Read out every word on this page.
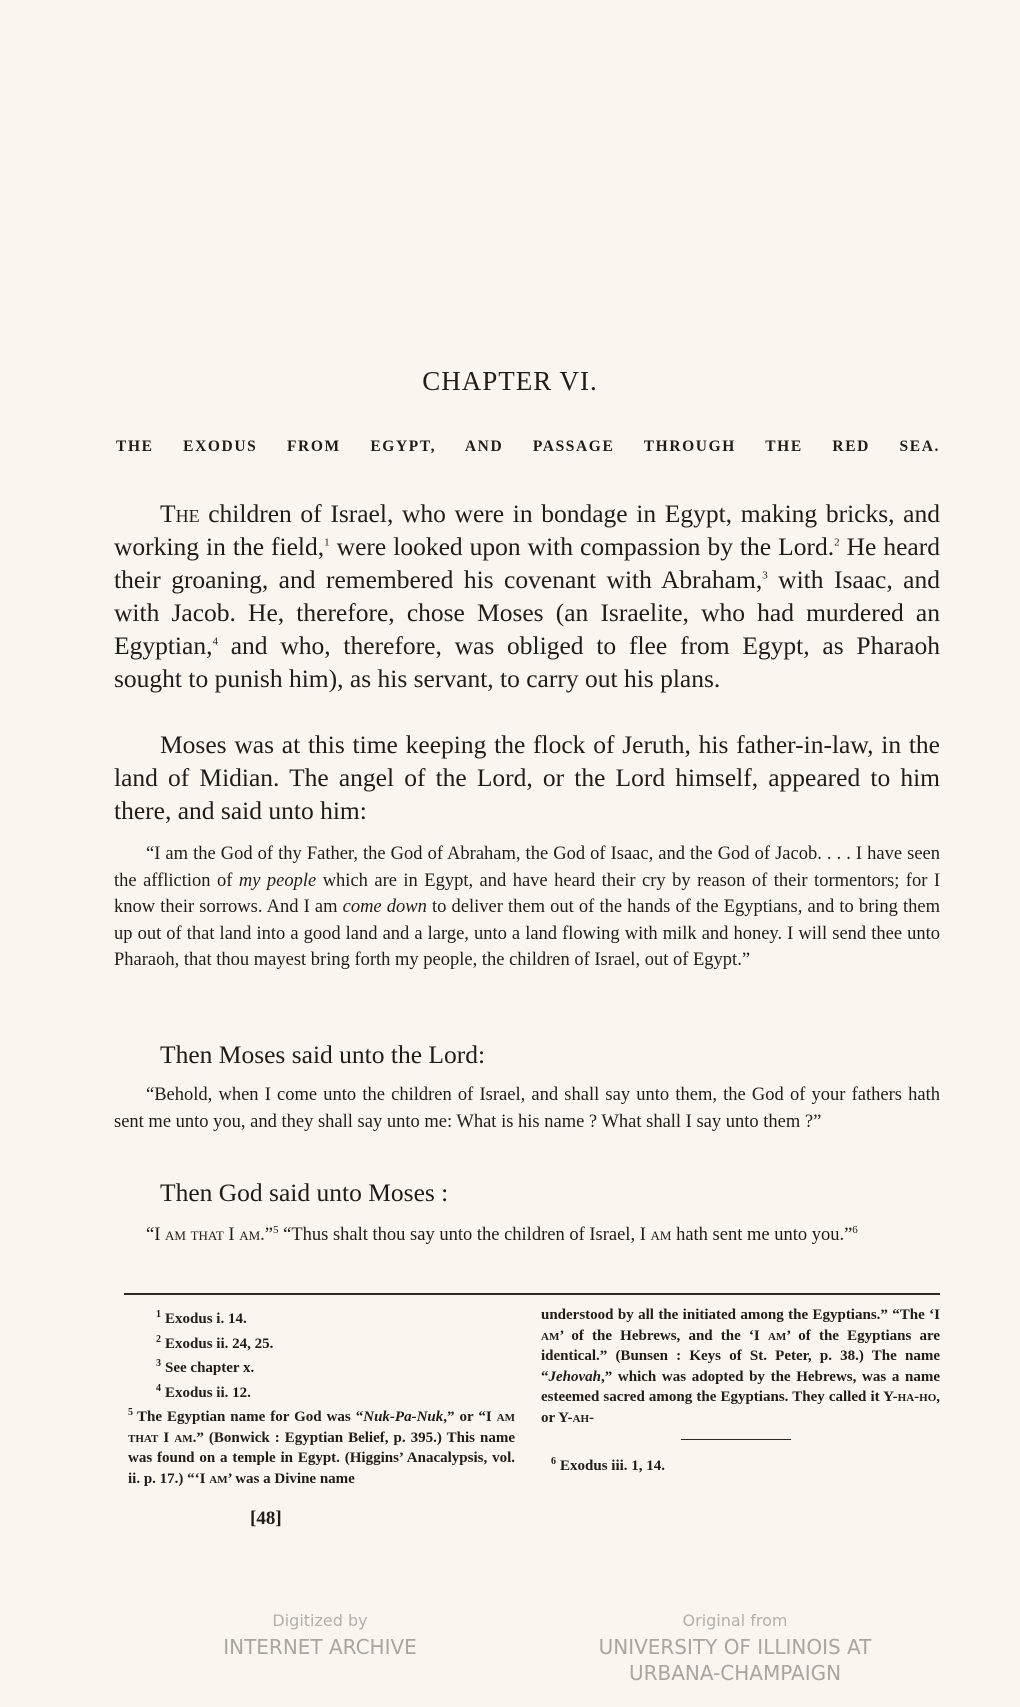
CHAPTER VI.
THE EXODUS FROM EGYPT, AND PASSAGE THROUGH THE RED SEA.

The children of Israel, who were in bondage in Egypt, making bricks, and working in the field,$^1$ were looked upon with compassion by the Lord.$^2$ He heard their groaning, and remembered his covenant with Abraham,$^3$ with Isaac, and with Jacob. He, therefore, chose Moses (an Israelite, who had murdered an Egyptian,$^4$ and who, therefore, was obliged to flee from Egypt, as Pharaoh sought to punish him), as his servant, to carry out his plans.

Moses was at this time keeping the flock of Jeruth, his father-in-law, in the land of Midian. The angel of the Lord, or the Lord himself, appeared to him there, and said unto him:

“I am the God of thy Father, the God of Abraham, the God of Isaac, and the God of Jacob. . . . I have seen the affliction of my people which are in Egypt, and have heard their cry by reason of their tormentors; for I know their sorrows. And I am come down to deliver them out of the hands of the Egyptians, and to bring them up out of that land into a good land and a large, unto a land flowing with milk and honey. I will send thee unto Pharaoh, that thou mayest bring forth my people, the children of Israel, out of Egypt.”

Then Moses said unto the Lord:

“Behold, when I come unto the children of Israel, and shall say unto them, the God of your fathers hath sent me unto you, and they shall say unto me: What is his name ? What shall I say unto them ?”

Then God said unto Moses :

“I am that I am.”$^5$ “Thus shalt thou say unto the children of Israel, I am hath sent me unto you.”$^6$

$^1$ Exodus i. 14.
$^2$ Exodus ii. 24, 25.
$^3$ See chapter x.
$^4$ Exodus ii. 12.
$^5$ The Egyptian name for God was “Nuk-Pa-Nuk,” or “I am that I am.” (Bonwick : Egyptian Belief, p. 395.) This name was found on a temple in Egypt. (Higgins’ Anacalypsis, vol. ii. p. 17.) “‘I am’ was a Divine name
understood by all the initiated among the Egyptians.” “The ‘I am’ of the Hebrews, and the ‘I am’ of the Egyptians are identical.” (Bunsen : Keys of St. Peter, p. 38.) The name “Jehovah,” which was adopted by the Hebrews, was a name esteemed sacred among the Egyptians. They called it Y-ha-ho, or Y-ah-
$^6$ Exodus iii. 1, 14.
[48]
Digitized by
INTERNET ARCHIVE
Original from
UNIVERSITY OF ILLINOIS AT
URBANA-CHAMPAIGN
